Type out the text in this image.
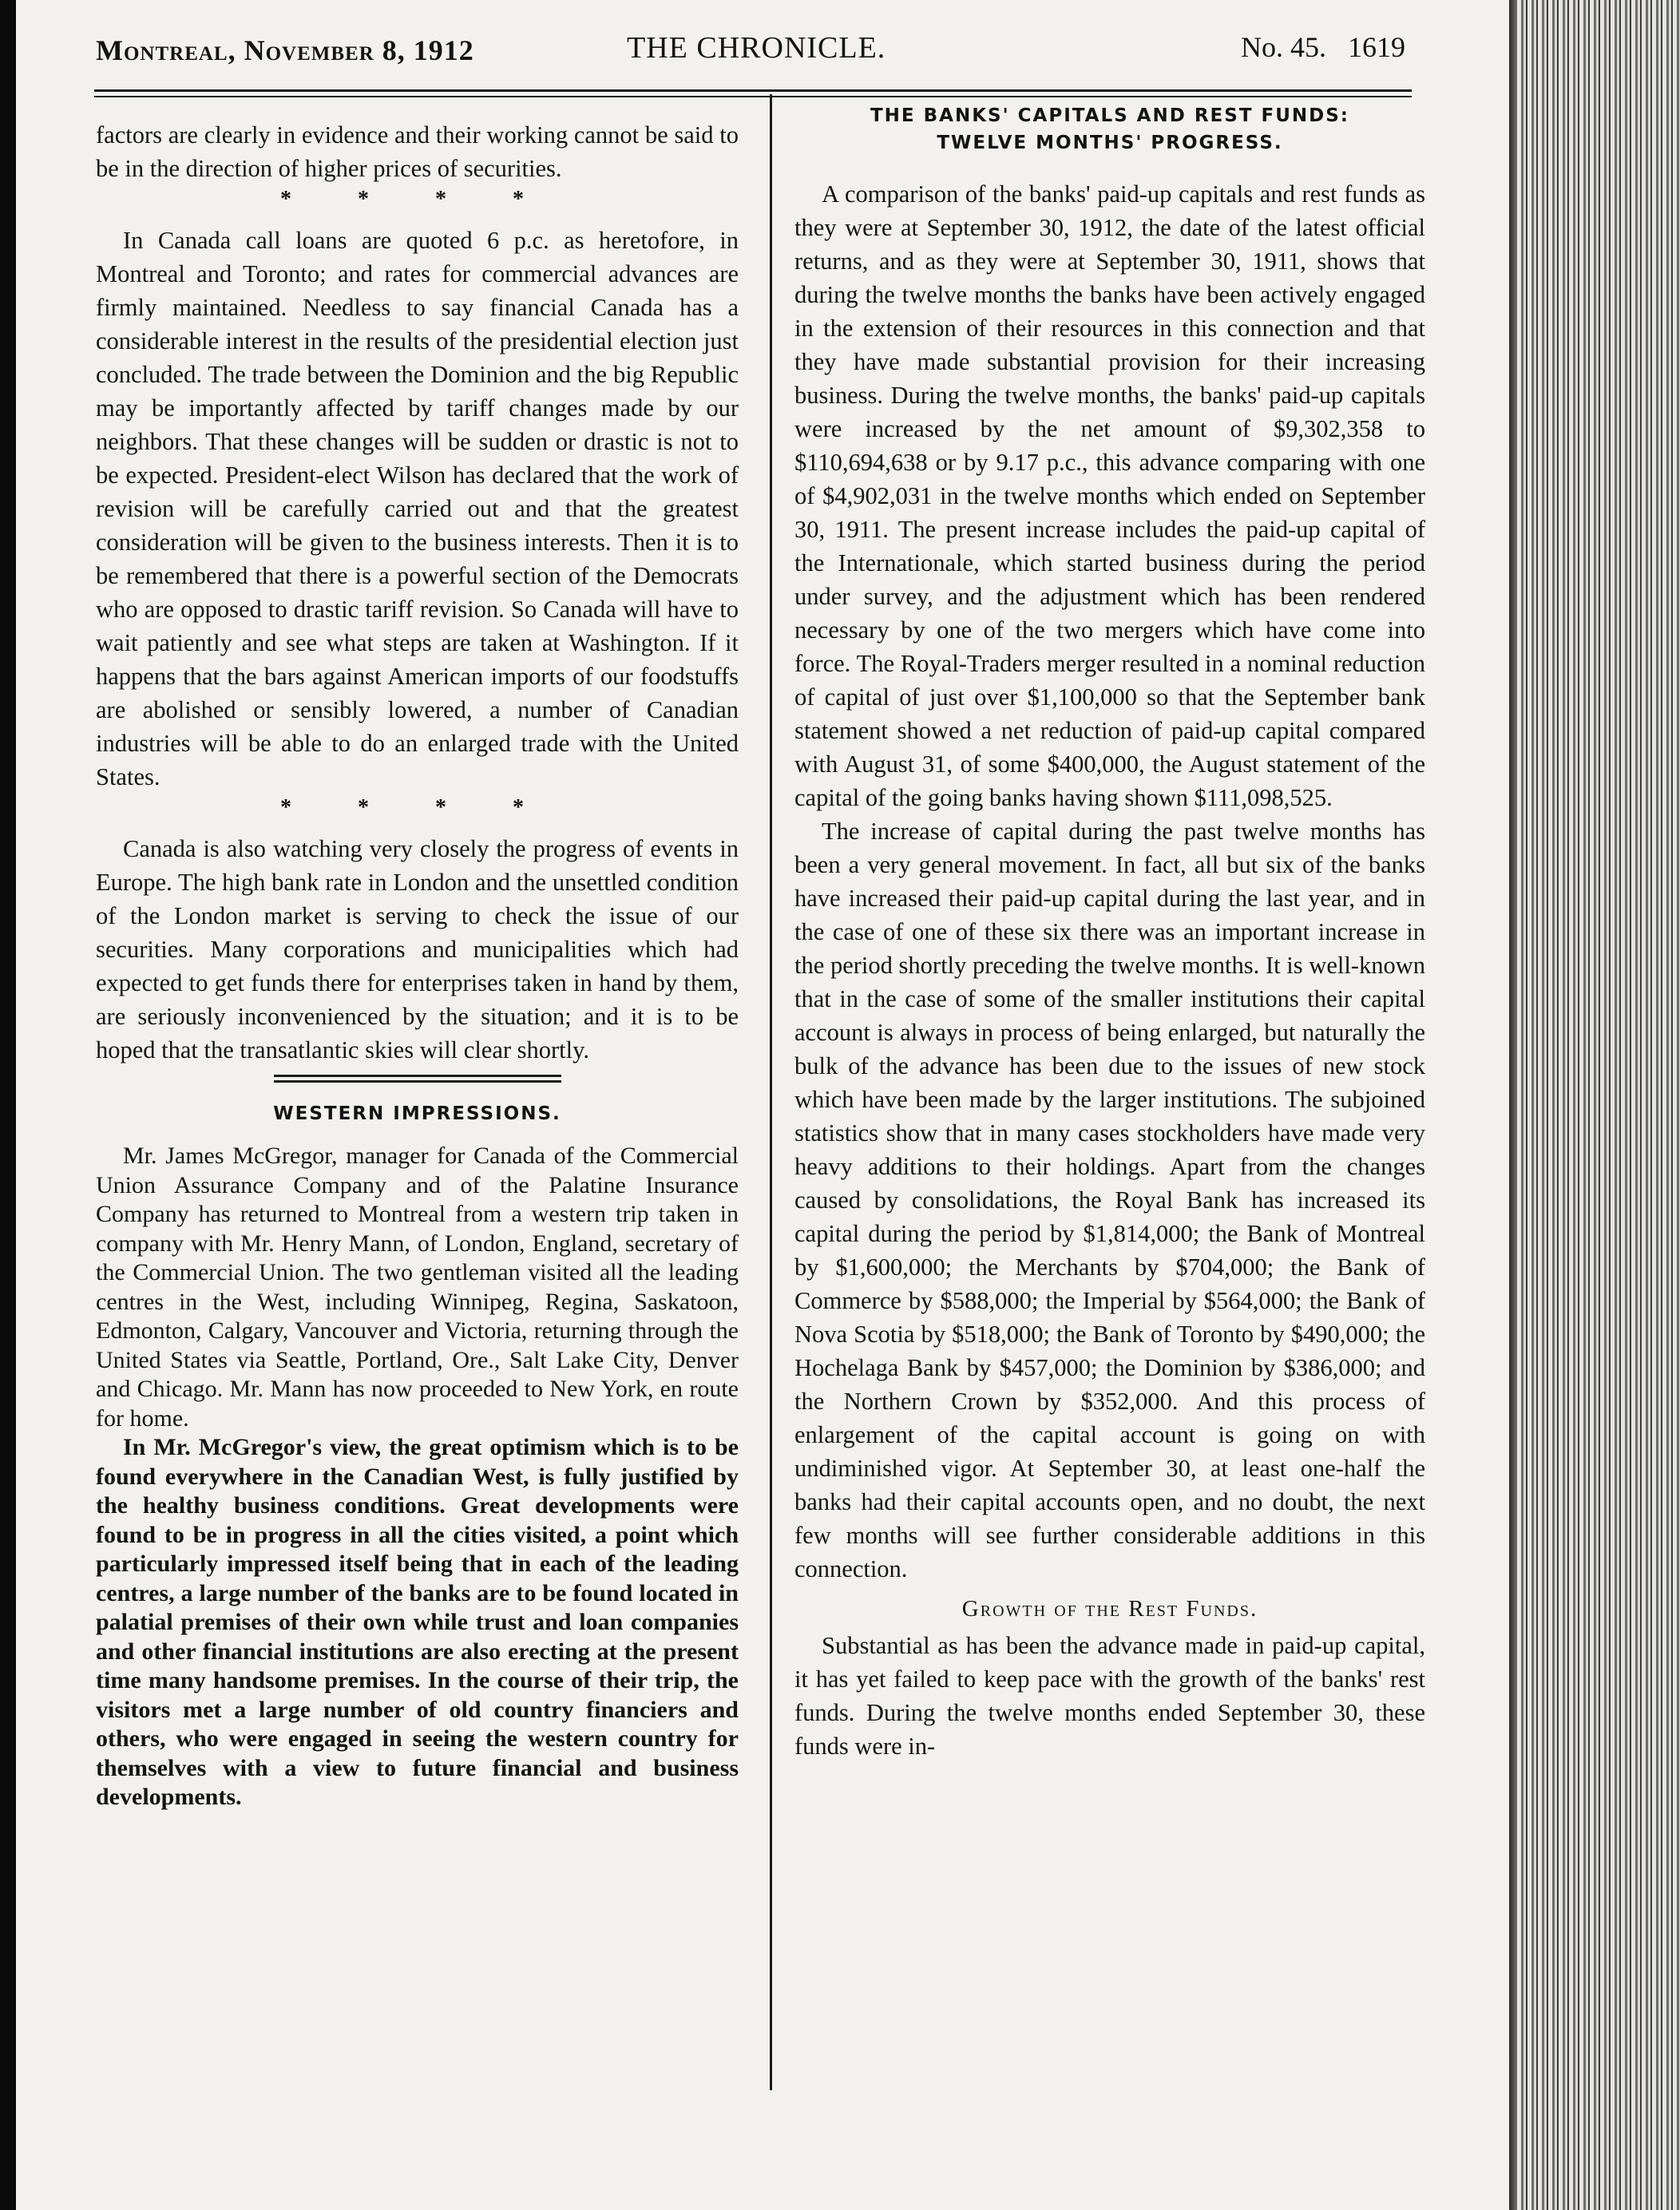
Montreal, November 8, 1912	THE CHRONICLE.	No. 45. 1619

factors are clearly in evidence and their working cannot be said to be in the direction of higher prices of securities.

* * * *

In Canada call loans are quoted 6 p.c. as heretofore, in Montreal and Toronto; and rates for commercial advances are firmly maintained. Needless to say financial Canada has a considerable interest in the results of the presidential election just concluded. The trade between the Dominion and the big Republic may be importantly affected by tariff changes made by our neighbors. That these changes will be sudden or drastic is not to be expected. President-elect Wilson has declared that the work of revision will be carefully carried out and that the greatest consideration will be given to the business interests. Then it is to be remembered that there is a powerful section of the Democrats who are opposed to drastic tariff revision. So Canada will have to wait patiently and see what steps are taken at Washington. If it happens that the bars against American imports of our foodstuffs are abolished or sensibly lowered, a number of Canadian industries will be able to do an enlarged trade with the United States.

* * * *

Canada is also watching very closely the progress of events in Europe. The high bank rate in London and the unsettled condition of the London market is serving to check the issue of our securities. Many corporations and municipalities which had expected to get funds there for enterprises taken in hand by them, are seriously inconvenienced by the situation; and it is to be hoped that the transatlantic skies will clear shortly.

WESTERN IMPRESSIONS.

Mr. James McGregor, manager for Canada of the Commercial Union Assurance Company and of the Palatine Insurance Company has returned to Montreal from a western trip taken in company with Mr. Henry Mann, of London, England, secretary of the Commercial Union. The two gentleman visited all the leading centres in the West, including Winnipeg, Regina, Saskatoon, Edmonton, Calgary, Vancouver and Victoria, returning through the United States via Seattle, Portland, Ore., Salt Lake City, Denver and Chicago. Mr. Mann has now proceeded to New York, en route for home.

In Mr. McGregor's view, the great optimism which is to be found everywhere in the Canadian West, is fully justified by the healthy business conditions. Great developments were found to be in progress in all the cities visited, a point which particularly impressed itself being that in each of the leading centres, a large number of the banks are to be found located in palatial premises of their own while trust and loan companies and other financial institutions are also erecting at the present time many handsome premises. In the course of their trip, the visitors met a large number of old country financiers and others, who were engaged in seeing the western country for themselves with a view to future financial and business developments.

THE BANKS' CAPITALS AND REST FUNDS:

TWELVE MONTHS' PROGRESS.

A comparison of the banks' paid-up capitals and rest funds as they were at September 30, 1912, the date of the latest official returns, and as they were at September 30, 1911, shows that during the twelve months the banks have been actively engaged in the extension of their resources in this connection and that they have made substantial provision for their increasing business. During the twelve months, the banks' paid-up capitals were increased by the net amount of $9,302,358 to $110,694,638 or by 9.17 p.c., this advance comparing with one of $4,902,031 in the twelve months which ended on September 30, 1911. The present increase includes the paid-up capital of the Internationale, which started business during the period under survey, and the adjustment which has been rendered necessary by one of the two mergers which have come into force. The Royal-Traders merger resulted in a nominal reduction of capital of just over $1,100,000 so that the September bank statement showed a net reduction of paid-up capital compared with August 31, of some $400,000, the August statement of the capital of the going banks having shown $111,098,525.

The increase of capital during the past twelve months has been a very general movement. In fact, all but six of the banks have increased their paid-up capital during the last year, and in the case of one of these six there was an important increase in the period shortly preceding the twelve months. It is well-known that in the case of some of the smaller institutions their capital account is always in process of being enlarged, but naturally the bulk of the advance has been due to the issues of new stock which have been made by the larger institutions. The subjoined statistics show that in many cases stockholders have made very heavy additions to their holdings. Apart from the changes caused by consolidations, the Royal Bank has increased its capital during the period by $1,814,000; the Bank of Montreal by $1,600,000; the Merchants by $704,000; the Bank of Commerce by $588,000; the Imperial by $564,000; the Bank of Nova Scotia by $518,000; the Bank of Toronto by $490,000; the Hochelaga Bank by $457,000; the Dominion by $386,000; and the Northern Crown by $352,000. And this process of enlargement of the capital account is going on with undiminished vigor. At September 30, at least one-half the banks had their capital accounts open, and no doubt, the next few months will see further considerable additions in this connection.

Growth of the Rest Funds.

Substantial as has been the advance made in paid-up capital, it has yet failed to keep pace with the growth of the banks' rest funds. During the twelve months ended September 30, these funds were in-
